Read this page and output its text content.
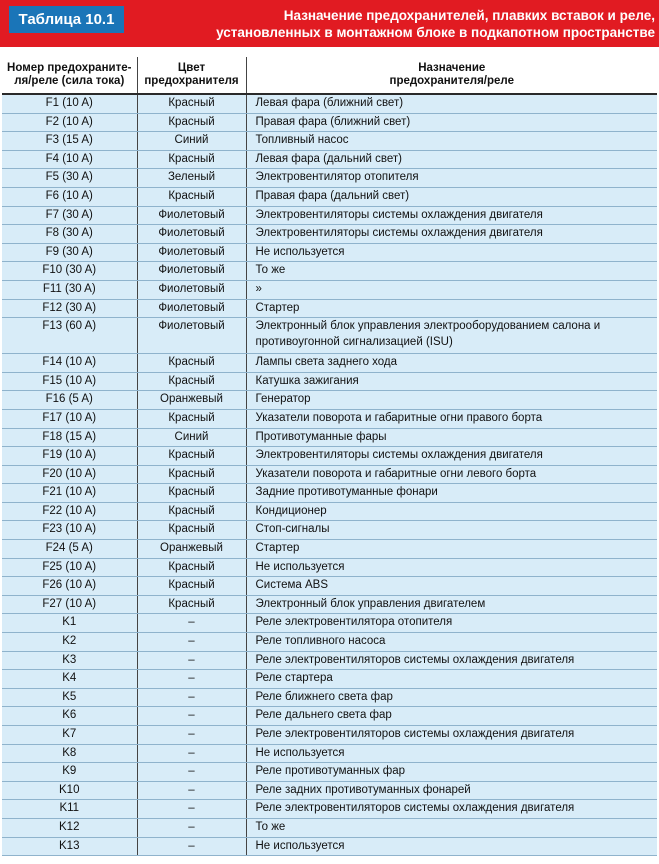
Таблица 10.1	Назначение предохранителей, плавких вставок и реле,
установленных в монтажном блоке в подкапотном пространстве
Номер предохраните-
ля/реле (сила тока)	Цвет
предохранителя	Назначение
предохранителя/реле
F1 (10 A)	Красный	Левая фара (ближний свет)
F2 (10 A)	Красный	Правая фара (ближний свет)
F3 (15 A)	Синий	Топливный насос
F4 (10 A)	Красный	Левая фара (дальний свет)
F5 (30 A)	Зеленый	Электровентилятор отопителя
F6 (10 A)	Красный	Правая фара (дальний свет)
F7 (30 A)	Фиолетовый	Электровентиляторы системы охлаждения двигателя
F8 (30 A)	Фиолетовый	Электровентиляторы системы охлаждения двигателя
F9 (30 A)	Фиолетовый	Не используется
F10 (30 A)	Фиолетовый	То же
F11 (30 A)	Фиолетовый	»
F12 (30 A)	Фиолетовый	Стартер
F13 (60 A)	Фиолетовый	Электронный блок управления электрооборудованием салона и противоугонной сигнализацией (ISU)
F14 (10 A)	Красный	Лампы света заднего хода
F15 (10 A)	Красный	Катушка зажигания
F16 (5 A)	Оранжевый	Генератор
F17 (10 A)	Красный	Указатели поворота и габаритные огни правого борта
F18 (15 A)	Синий	Противотуманные фары
F19 (10 A)	Красный	Электровентиляторы системы охлаждения двигателя
F20 (10 A)	Красный	Указатели поворота и габаритные огни левого борта
F21 (10 A)	Красный	Задние противотуманные фонари
F22 (10 A)	Красный	Кондиционер
F23 (10 A)	Красный	Стоп-сигналы
F24 (5 A)	Оранжевый	Стартер
F25 (10 A)	Красный	Не используется
F26 (10 A)	Красный	Система ABS
F27 (10 A)	Красный	Электронный блок управления двигателем
K1	–	Реле электровентилятора отопителя
K2	–	Реле топливного насоса
K3	–	Реле электровентиляторов системы охлаждения двигателя
K4	–	Реле стартера
K5	–	Реле ближнего света фар
K6	–	Реле дальнего света фар
K7	–	Реле электровентиляторов системы охлаждения двигателя
K8	–	Не используется
K9	–	Реле противотуманных фар
K10	–	Реле задних противотуманных фонарей
K11	–	Реле электровентиляторов системы охлаждения двигателя
K12	–	То же
K13	–	Не используется
